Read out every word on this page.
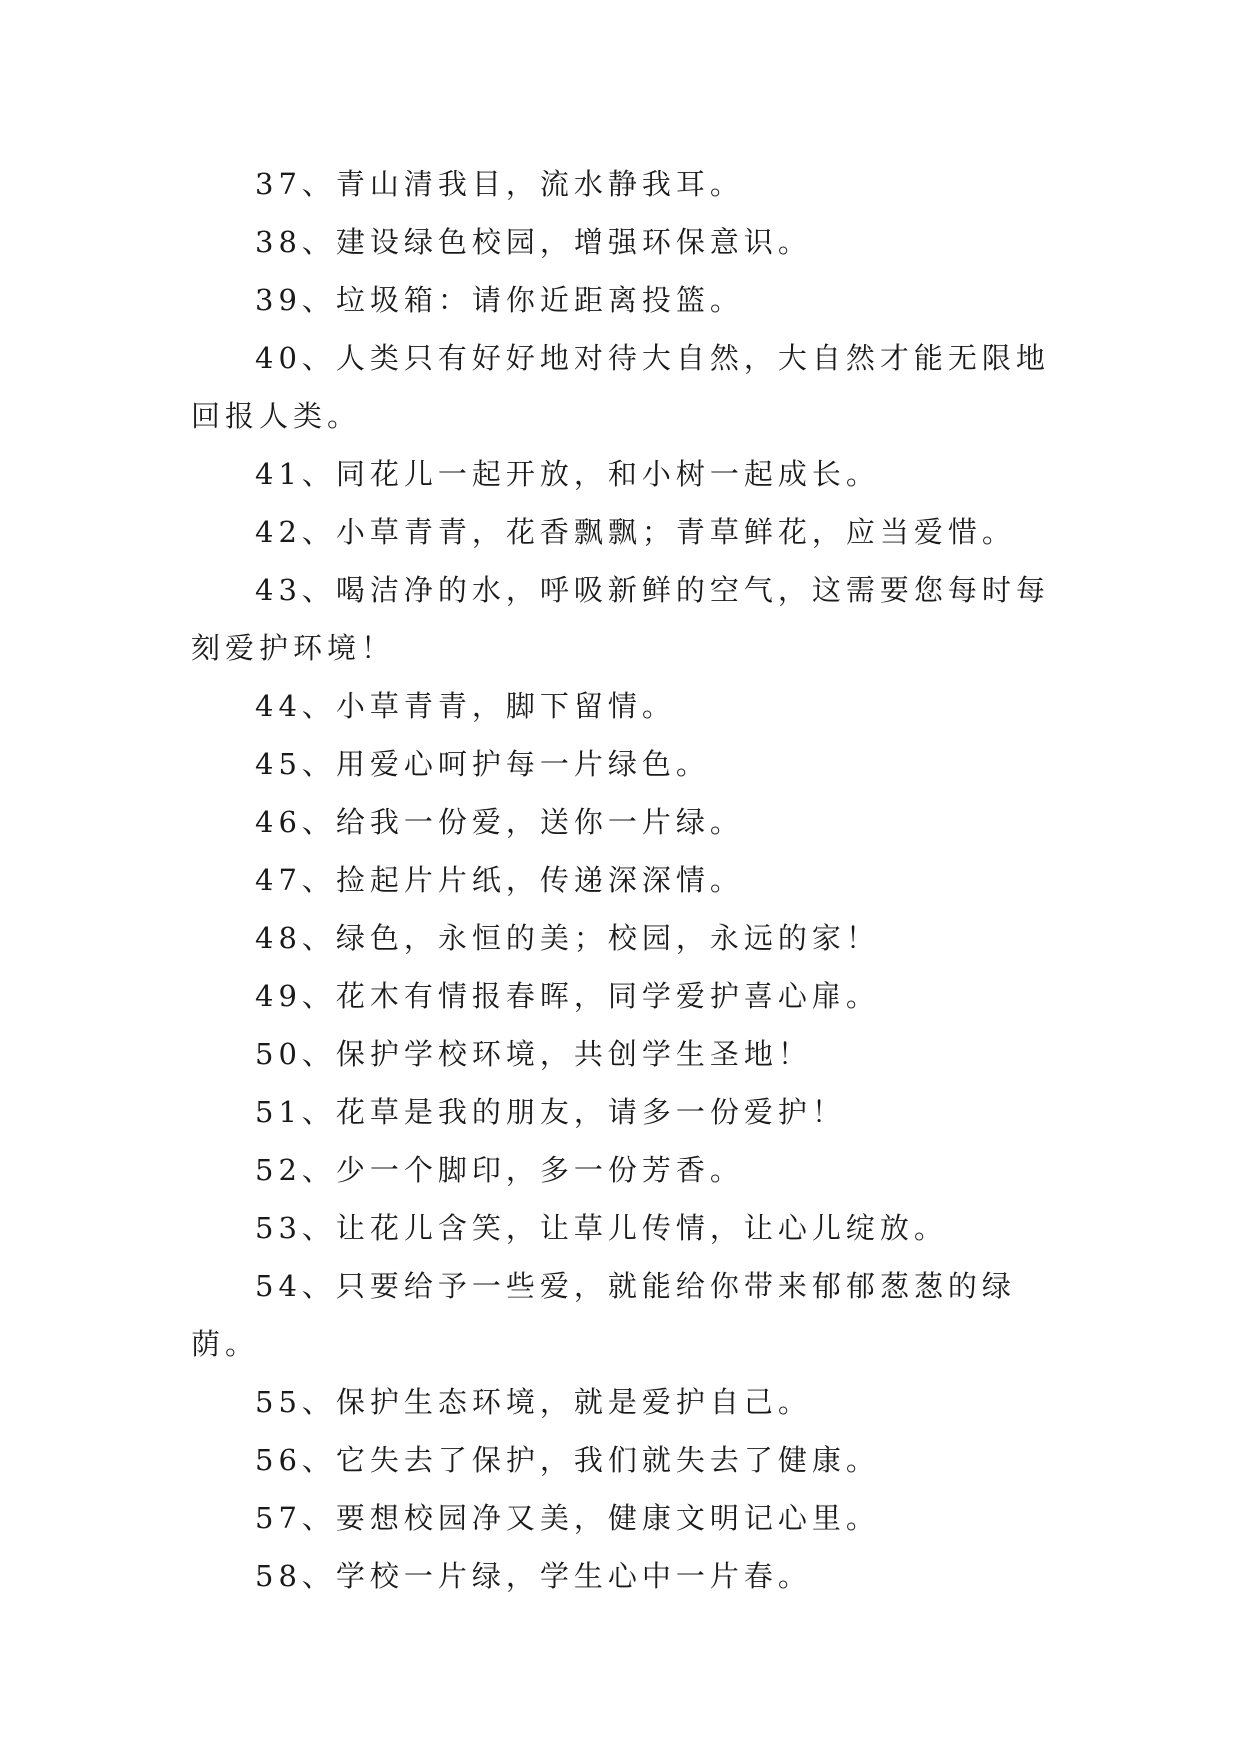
37、青山清我目，流水静我耳。

38、建设绿色校园，增强环保意识。

39、垃圾箱：请你近距离投篮。

40、人类只有好好地对待大自然，大自然才能无限地回报人类。

41、同花儿一起开放，和小树一起成长。

42、小草青青，花香飘飘；青草鲜花，应当爱惜。

43、喝洁净的水，呼吸新鲜的空气，这需要您每时每刻爱护环境！

44、小草青青，脚下留情。

45、用爱心呵护每一片绿色。

46、给我一份爱，送你一片绿。

47、捡起片片纸，传递深深情。

48、绿色，永恒的美；校园，永远的家！

49、花木有情报春晖，同学爱护喜心扉。

50、保护学校环境，共创学生圣地！

51、花草是我的朋友，请多一份爱护！

52、少一个脚印，多一份芳香。

53、让花儿含笑，让草儿传情，让心儿绽放。

54、只要给予一些爱，就能给你带来郁郁葱葱的绿荫。

55、保护生态环境，就是爱护自己。

56、它失去了保护，我们就失去了健康。

57、要想校园净又美，健康文明记心里。

58、学校一片绿，学生心中一片春。
